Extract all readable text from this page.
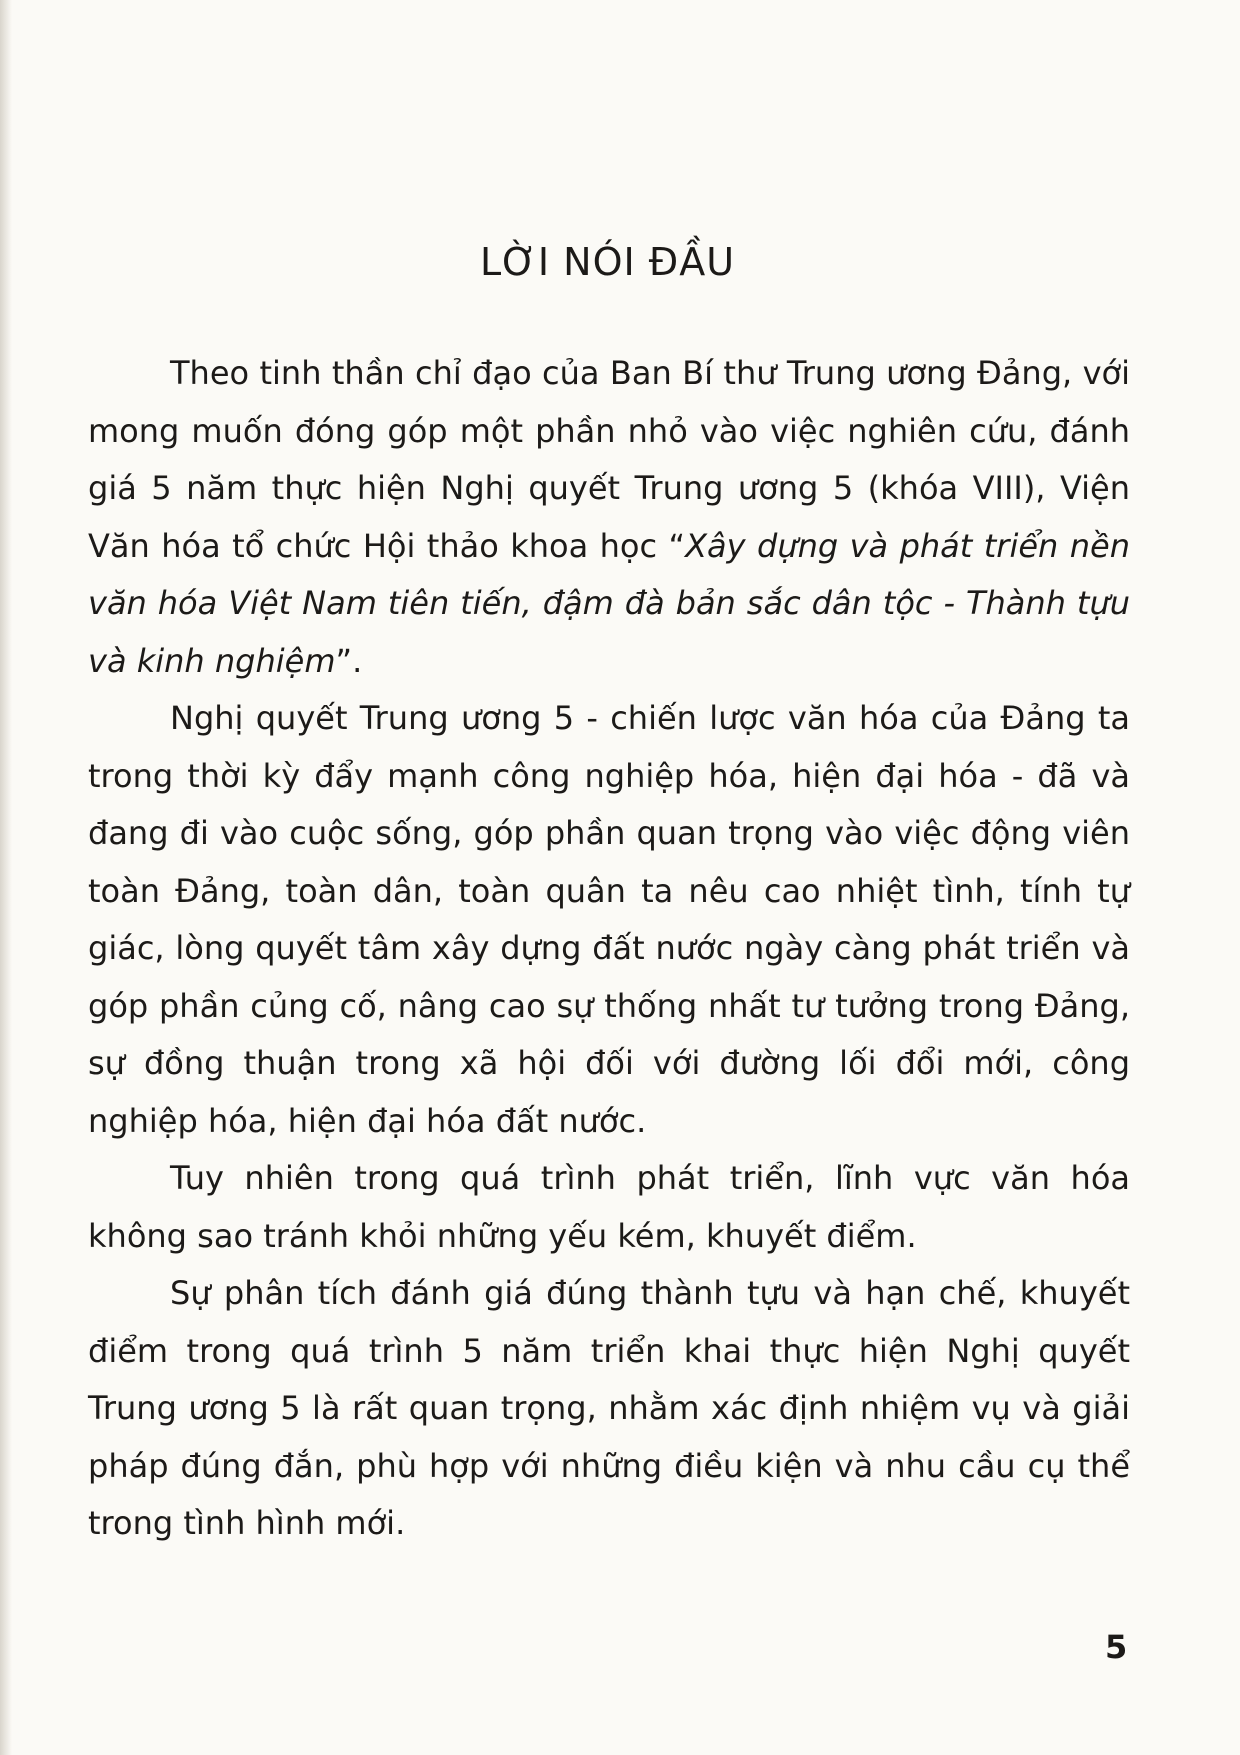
LỜI NÓI ĐẦU

Theo tinh thần chỉ đạo của Ban Bí thư Trung ương Đảng, với mong muốn đóng góp một phần nhỏ vào việc nghiên cứu, đánh giá 5 năm thực hiện Nghị quyết Trung ương 5 (khóa VIII), Viện Văn hóa tổ chức Hội thảo khoa học “Xây dựng và phát triển nền văn hóa Việt Nam tiên tiến, đậm đà bản sắc dân tộc - Thành tựu và kinh nghiệm”.

Nghị quyết Trung ương 5 - chiến lược văn hóa của Đảng ta trong thời kỳ đẩy mạnh công nghiệp hóa, hiện đại hóa - đã và đang đi vào cuộc sống, góp phần quan trọng vào việc động viên toàn Đảng, toàn dân, toàn quân ta nêu cao nhiệt tình, tính tự giác, lòng quyết tâm xây dựng đất nước ngày càng phát triển và góp phần củng cố, nâng cao sự thống nhất tư tưởng trong Đảng, sự đồng thuận trong xã hội đối với đường lối đổi mới, công nghiệp hóa, hiện đại hóa đất nước.

Tuy nhiên trong quá trình phát triển, lĩnh vực văn hóa không sao tránh khỏi những yếu kém, khuyết điểm.

Sự phân tích đánh giá đúng thành tựu và hạn chế, khuyết điểm trong quá trình 5 năm triển khai thực hiện Nghị quyết Trung ương 5 là rất quan trọng, nhằm xác định nhiệm vụ và giải pháp đúng đắn, phù hợp với những điều kiện và nhu cầu cụ thể trong tình hình mới.

5
